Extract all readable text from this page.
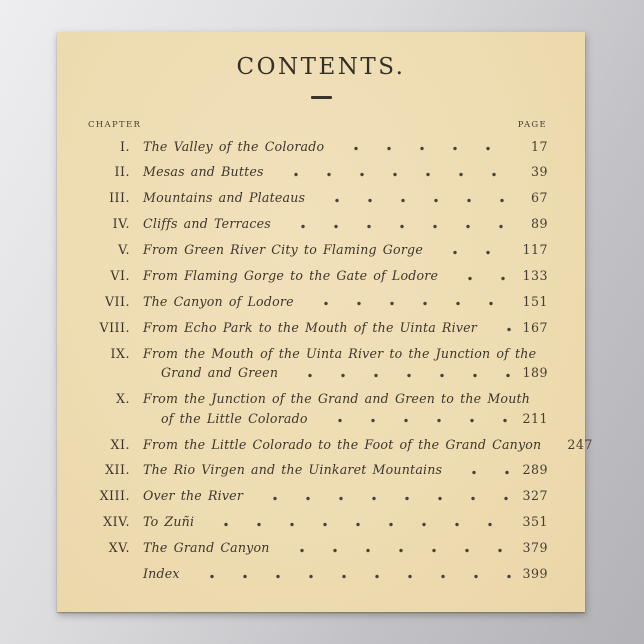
CONTENTS.
CHAPTER	PAGE
I. The Valley of the Colorado	17
II. Mesas and Buttes	39
III. Mountains and Plateaus	67
IV. Cliffs and Terraces	89
V. From Green River City to Flaming Gorge	117
VI. From Flaming Gorge to the Gate of Lodore	133
VII. The Canyon of Lodore	151
VIII. From Echo Park to the Mouth of the Uinta River	167
IX. From the Mouth of the Uinta River to the Junction of the
Grand and Green	189
X. From the Junction of the Grand and Green to the Mouth
of the Little Colorado	211
XI. From the Little Colorado to the Foot of the Grand Canyon 247
XII. The Rio Virgen and the Uinkaret Mountains	289
XIII. Over the River	327
XIV. To Zuñi	351
XV. The Grand Canyon	379
Index	399
